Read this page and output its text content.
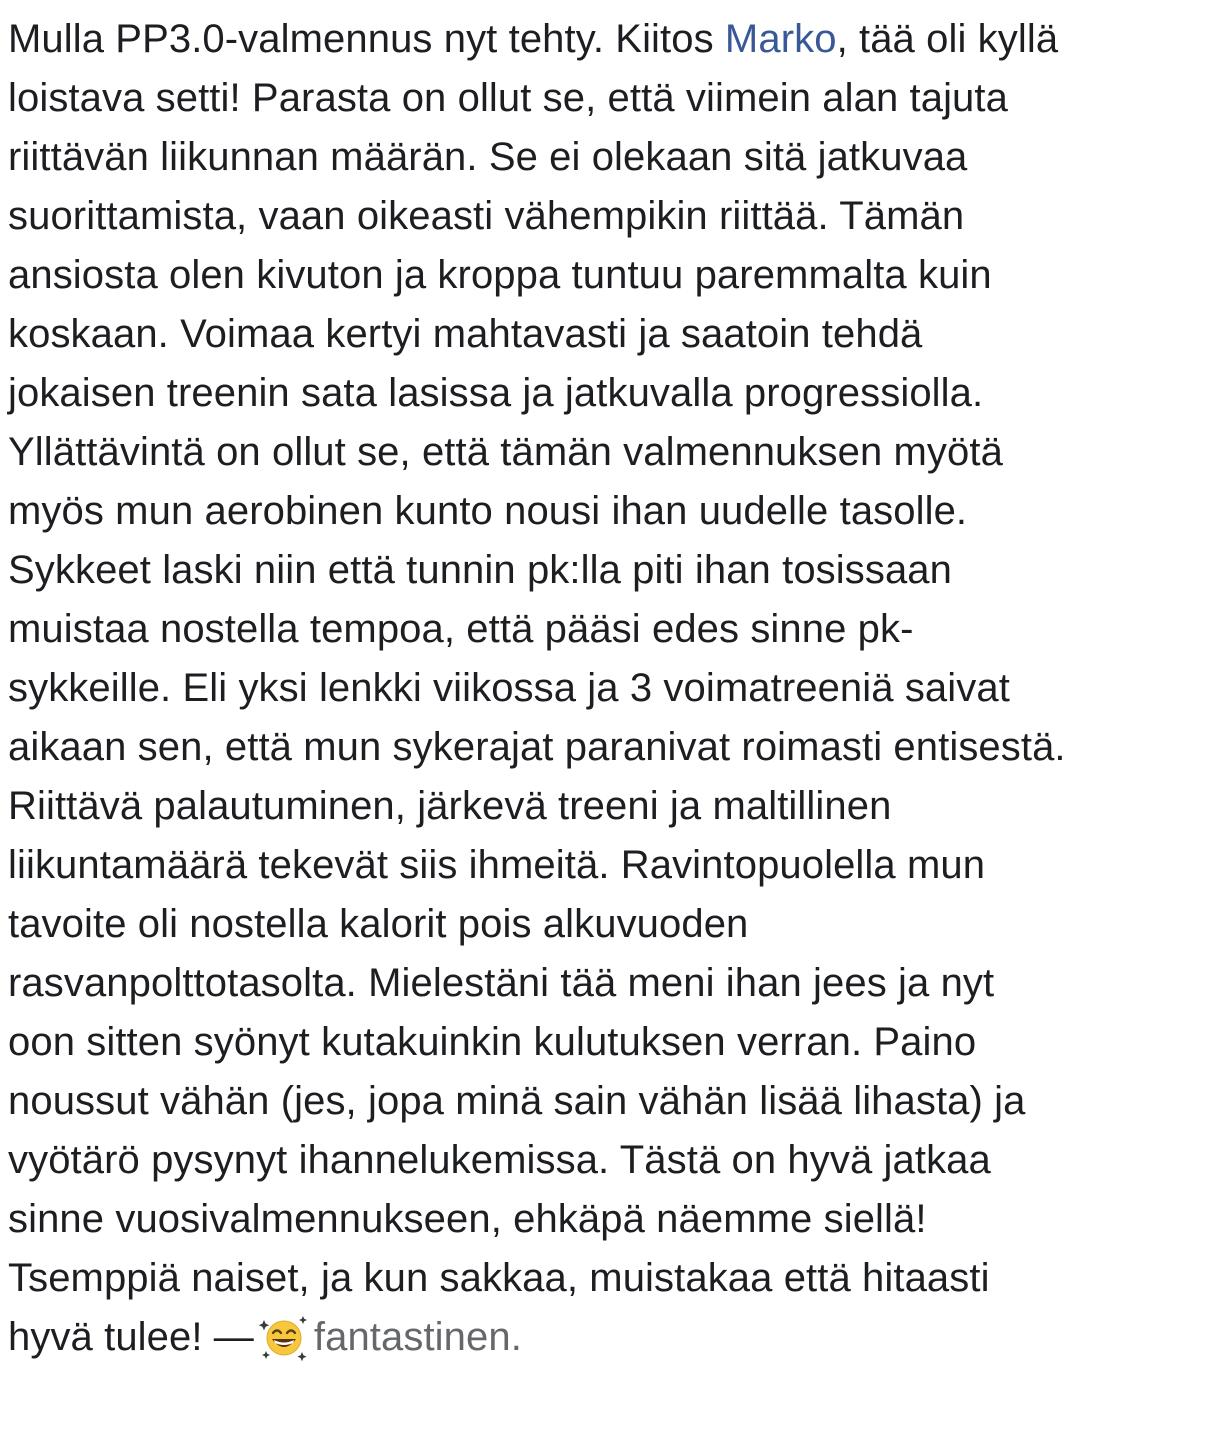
Mulla PP3.0-valmennus nyt tehty. Kiitos Marko, tää oli kyllä
loistava setti! Parasta on ollut se, että viimein alan tajuta
riittävän liikunnan määrän. Se ei olekaan sitä jatkuvaa
suorittamista, vaan oikeasti vähempikin riittää. Tämän
ansiosta olen kivuton ja kroppa tuntuu paremmalta kuin
koskaan. Voimaa kertyi mahtavasti ja saatoin tehdä
jokaisen treenin sata lasissa ja jatkuvalla progressiolla.
Yllättävintä on ollut se, että tämän valmennuksen myötä
myös mun aerobinen kunto nousi ihan uudelle tasolle.
Sykkeet laski niin että tunnin pk:lla piti ihan tosissaan
muistaa nostella tempoa, että pääsi edes sinne pk-
sykkeille. Eli yksi lenkki viikossa ja 3 voimatreeniä saivat
aikaan sen, että mun sykerajat paranivat roimasti entisestä.
Riittävä palautuminen, järkevä treeni ja maltillinen
liikuntamäärä tekevät siis ihmeitä. Ravintopuolella mun
tavoite oli nostella kalorit pois alkuvuoden
rasvanpolttotasolta. Mielestäni tää meni ihan jees ja nyt
oon sitten syönyt kutakuinkin kulutuksen verran. Paino
noussut vähän (jes, jopa minä sain vähän lisää lihasta) ja
vyötärö pysynyt ihannelukemissa. Tästä on hyvä jatkaa
sinne vuosivalmennukseen, ehkäpä näemme siellä!
Tsemppiä naiset, ja kun sakkaa, muistakaa että hitaasti
hyvä tulee! — fantastinen.
